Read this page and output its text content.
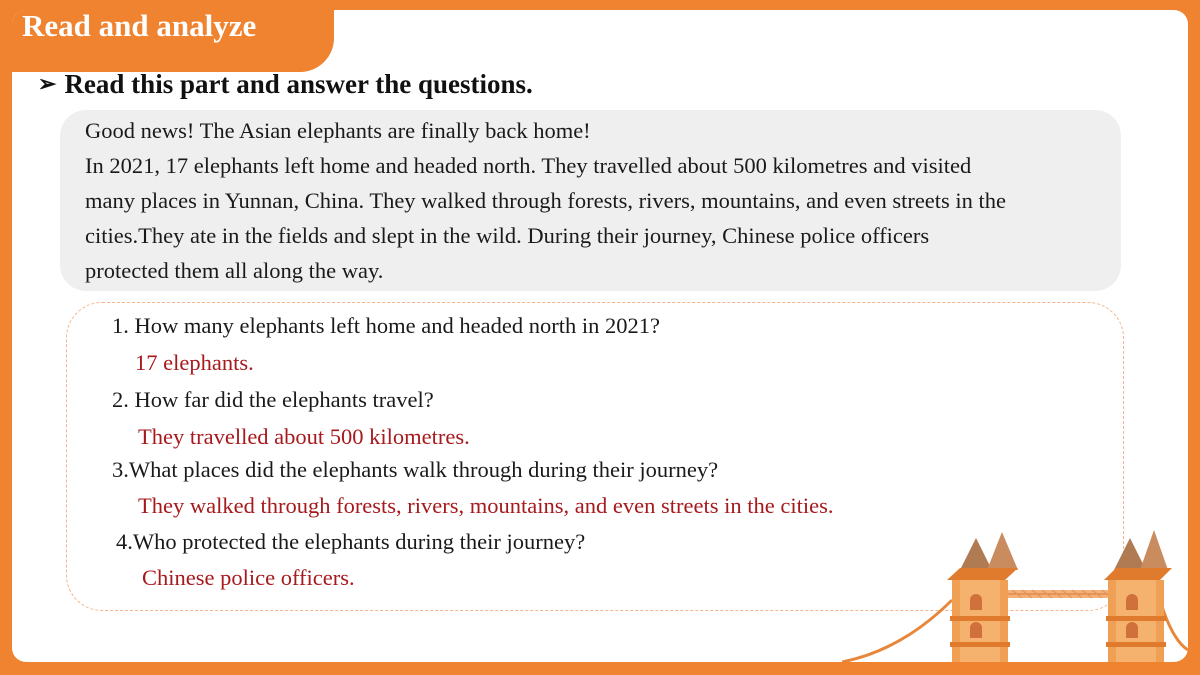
Read and analyze
➢ Read this part and answer the questions.

Good news! The Asian elephants are finally back home!

In 2021, 17 elephants left home and headed north. They travelled about 500 kilometres and visited

many places in Yunnan, China. They walked through forests, rivers, mountains, and even streets in the

cities.They ate in the fields and slept in the wild. During their journey, Chinese police officers

protected them all along the way.

1. How many elephants left home and headed north in 2021?
17 elephants.
2. How far did the elephants travel?
They travelled about 500 kilometres.
3.What places did the elephants walk through during their journey?
They walked through forests, rivers, mountains, and even streets in the cities.
4.Who protected the elephants during their journey?
Chinese police officers.
